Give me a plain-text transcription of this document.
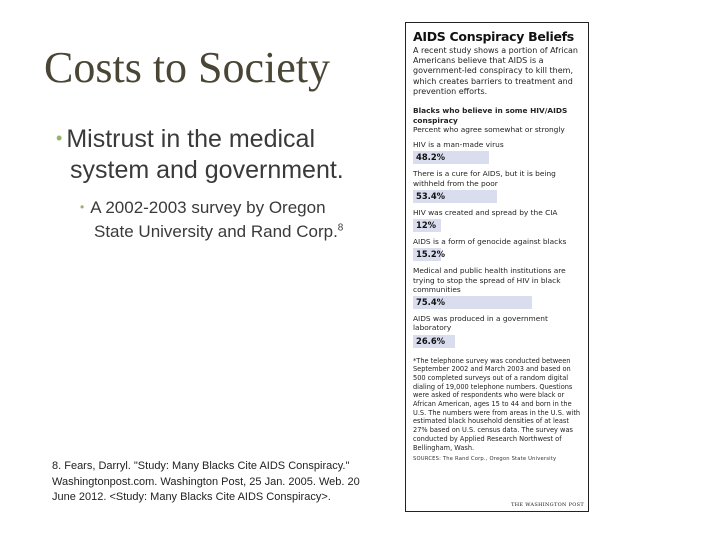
Costs to Society
• Mistrust in the medical system and government.
• A 2002-2003 survey by Oregon State University and Rand Corp.$^8$
8. Fears, Darryl. "Study: Many Blacks Cite AIDS Conspiracy." Washingtonpost.com. Washington Post, 25 Jan. 2005. Web. 20 June 2012. <Study: Many Blacks Cite AIDS Conspiracy>.
AIDS Conspiracy Beliefs
A recent study shows a portion of African Americans believe that AIDS is a government-led conspiracy to kill them, which creates barriers to treatment and prevention efforts.
Blacks who believe in some HIV/AIDS conspiracy
Percent who agree somewhat or strongly
HIV is a man-made virus
48.2%
There is a cure for AIDS, but it is being withheld from the poor
53.4%
HIV was created and spread by the CIA
12%
AIDS is a form of genocide against blacks
15.2%
Medical and public health institutions are trying to stop the spread of HIV in black communities
75.4%
AIDS was produced in a government laboratory
26.6%
*The telephone survey was conducted between September 2002 and March 2003 and based on 500 completed surveys out of a random digital dialing of 19,000 telephone numbers. Questions were asked of respondents who were black or African American, ages 15 to 44 and born in the U.S. The numbers were from areas in the U.S. with estimated black household densities of at least 27% based on U.S. census data. The survey was conducted by Applied Research Northwest of Bellingham, Wash.
SOURCES: The Rand Corp., Oregon State University
THE WASHINGTON POST
